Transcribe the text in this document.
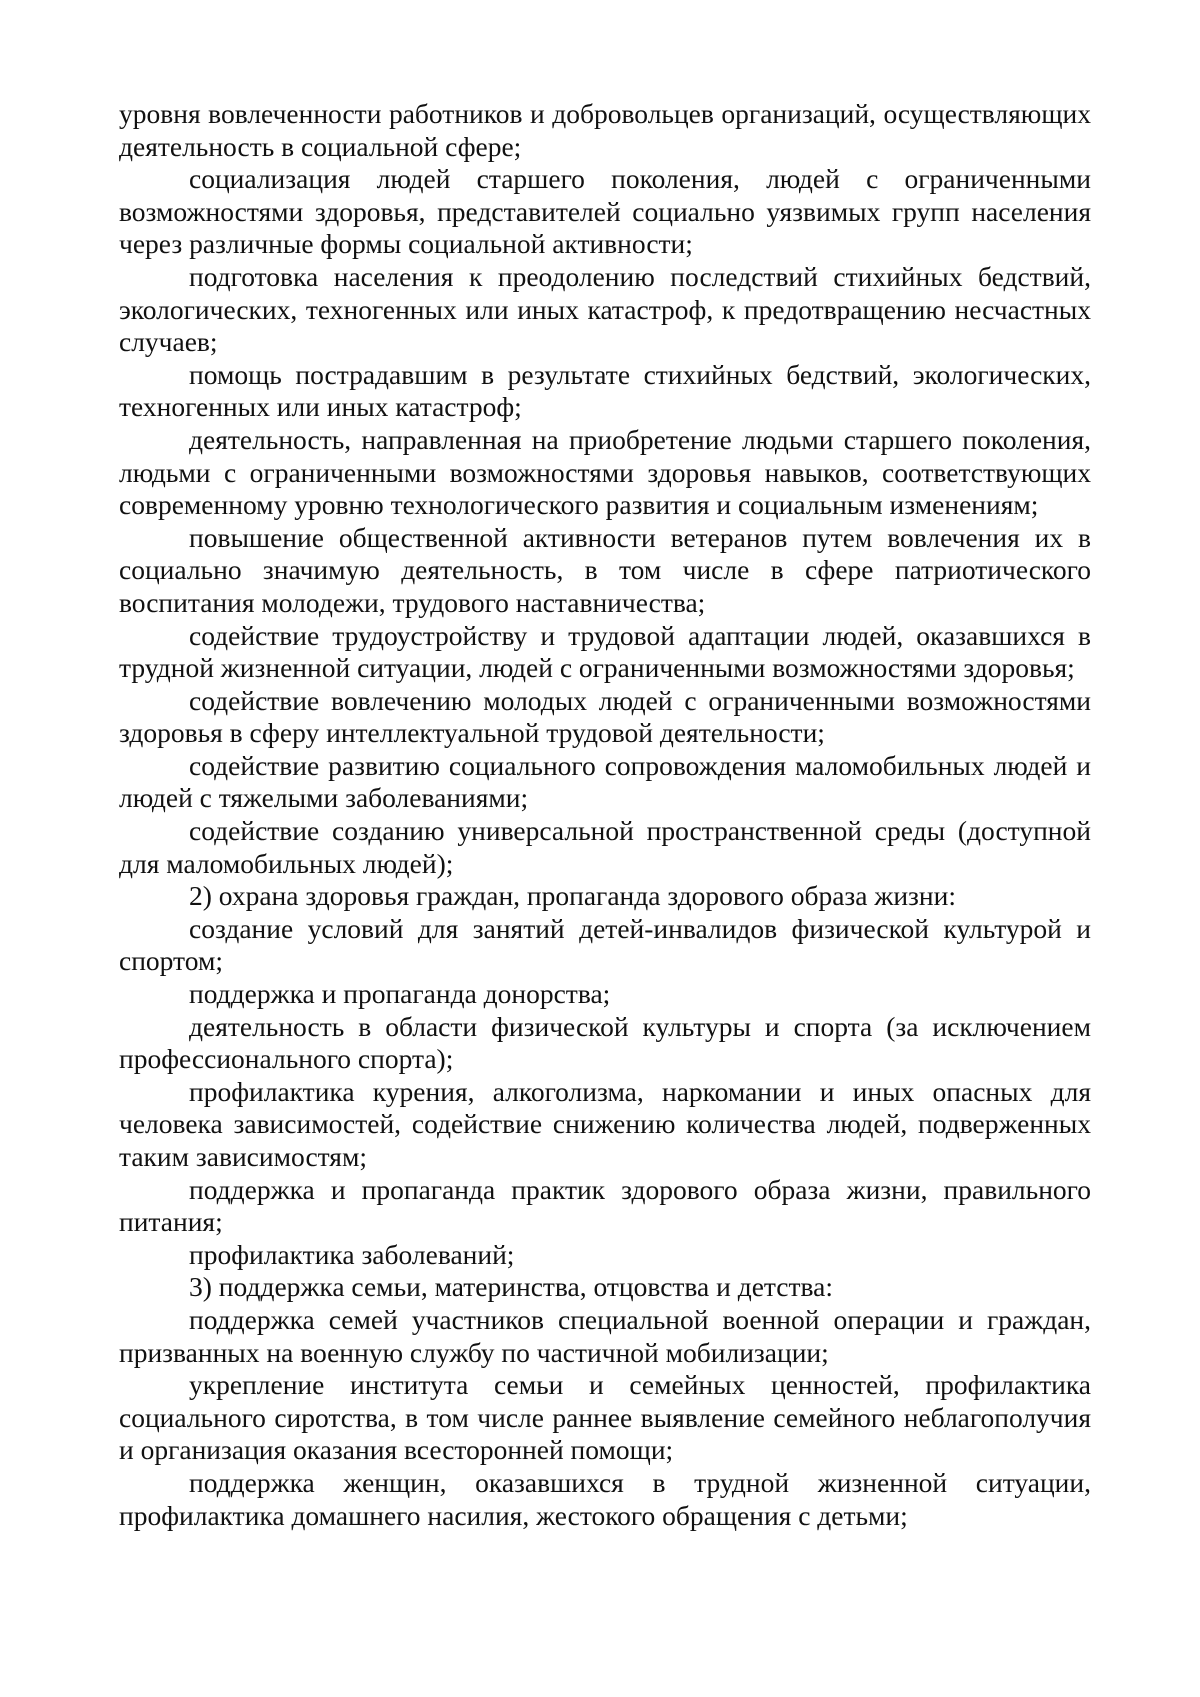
уровня вовлеченности работников и добровольцев организаций, осуществляющих деятельность в социальной сфере;

социализация людей старшего поколения, людей с ограниченными возможностями здоровья, представителей социально уязвимых групп населения через различные формы социальной активности;

подготовка населения к преодолению последствий стихийных бедствий, экологических, техногенных или иных катастроф, к предотвращению несчастных случаев;

помощь пострадавшим в результате стихийных бедствий, экологических, техногенных или иных катастроф;

деятельность, направленная на приобретение людьми старшего поколения, людьми с ограниченными возможностями здоровья навыков, соответствующих современному уровню технологического развития и социальным изменениям;

повышение общественной активности ветеранов путем вовлечения их в социально значимую деятельность, в том числе в сфере патриотического воспитания молодежи, трудового наставничества;

содействие трудоустройству и трудовой адаптации людей, оказавшихся в трудной жизненной ситуации, людей с ограниченными возможностями здоровья;

содействие вовлечению молодых людей с ограниченными возможностями здоровья в сферу интеллектуальной трудовой деятельности;

содействие развитию социального сопровождения маломобильных людей и людей с тяжелыми заболеваниями;

содействие созданию универсальной пространственной среды (доступной для маломобильных людей);

2) охрана здоровья граждан, пропаганда здорового образа жизни:

создание условий для занятий детей-инвалидов физической культурой и спортом;

поддержка и пропаганда донорства;

деятельность в области физической культуры и спорта (за исключением профессионального спорта);

профилактика курения, алкоголизма, наркомании и иных опасных для человека зависимостей, содействие снижению количества людей, подверженных таким зависимостям;

поддержка и пропаганда практик здорового образа жизни, правильного питания;

профилактика заболеваний;

3) поддержка семьи, материнства, отцовства и детства:

поддержка семей участников специальной военной операции и граждан, призванных на военную службу по частичной мобилизации;

укрепление института семьи и семейных ценностей, профилактика социального сиротства, в том числе раннее выявление семейного неблагополучия и организация оказания всесторонней помощи;

поддержка женщин, оказавшихся в трудной жизненной ситуации, профилактика домашнего насилия, жестокого обращения с детьми;
